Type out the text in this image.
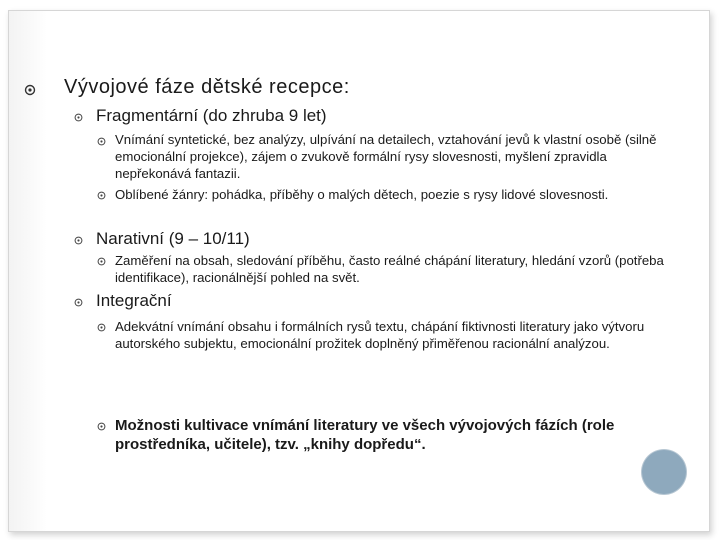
Vývojové fáze dětské recepce:
Fragmentární (do zhruba 9 let)
Vnímání syntetické, bez analýzy, ulpívání na detailech, vztahování jevů k vlastní osobě (silně emocionální projekce), zájem o zvukově formální rysy slovesnosti, myšlení zpravidla nepřekonává fantazii.
Oblíbené žánry: pohádka, příběhy o malých dětech, poezie s rysy lidové slovesnosti.
Narativní (9 – 10/11)
Zaměření na obsah, sledování příběhu, často reálné chápání literatury, hledání vzorů (potřeba identifikace), racionálnější pohled na svět.
Integrační
Adekvátní vnímání obsahu i formálních rysů textu, chápání fiktivnosti literatury jako výtvoru autorského subjektu, emocionální prožitek doplněný přiměřenou racionální analýzou.
Možnosti kultivace vnímání literatury ve všech vývojových fázích (role prostředníka, učitele), tzv. „knihy dopředu“.
